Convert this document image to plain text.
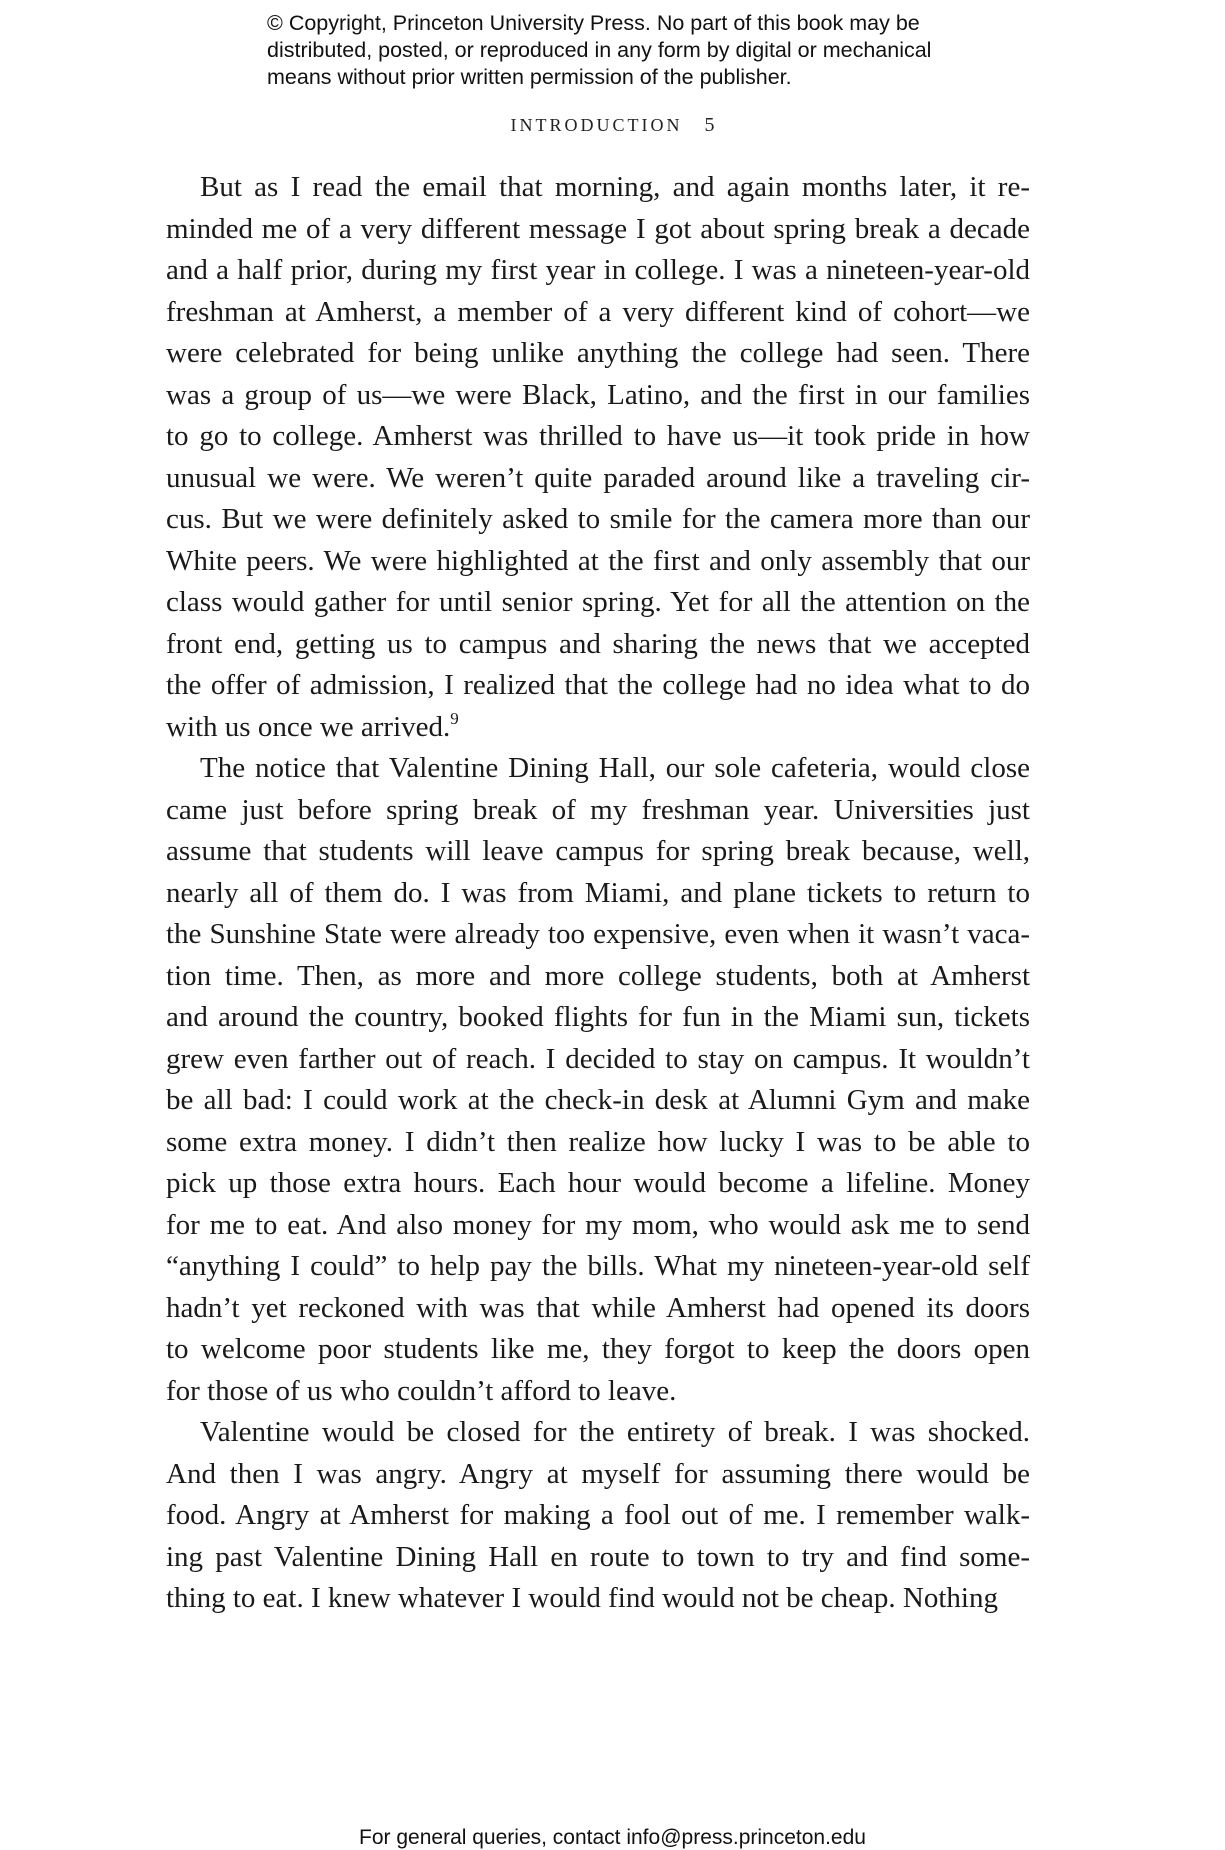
© Copyright, Princeton University Press. No part of this book may be
distributed, posted, or reproduced in any form by digital or mechanical
means without prior written permission of the publisher.
INTRODUCTION 5
But as I read the email that morning, and again months later, it re-
minded me of a very different message I got about spring break a decade
and a half prior, during my first year in college. I was a nineteen-year-old
freshman at Amherst, a member of a very different kind of cohort—we
were celebrated for being unlike anything the college had seen. There
was a group of us—we were Black, Latino, and the first in our families
to go to college. Amherst was thrilled to have us—it took pride in how
unusual we were. We weren’t quite paraded around like a traveling cir-
cus. But we were definitely asked to smile for the camera more than our
White peers. We were highlighted at the first and only assembly that our
class would gather for until senior spring. Yet for all the attention on the
front end, getting us to campus and sharing the news that we accepted
the offer of admission, I realized that the college had no idea what to do
with us once we arrived.$^9$
The notice that Valentine Dining Hall, our sole cafeteria, would close
came just before spring break of my freshman year. Universities just
assume that students will leave campus for spring break because, well,
nearly all of them do. I was from Miami, and plane tickets to return to
the Sunshine State were already too expensive, even when it wasn’t vaca-
tion time. Then, as more and more college students, both at Amherst
and around the country, booked flights for fun in the Miami sun, tickets
grew even farther out of reach. I decided to stay on campus. It wouldn’t
be all bad: I could work at the check-in desk at Alumni Gym and make
some extra money. I didn’t then realize how lucky I was to be able to
pick up those extra hours. Each hour would become a lifeline. Money
for me to eat. And also money for my mom, who would ask me to send
“anything I could” to help pay the bills. What my nineteen-year-old self
hadn’t yet reckoned with was that while Amherst had opened its doors
to welcome poor students like me, they forgot to keep the doors open
for those of us who couldn’t afford to leave.
Valentine would be closed for the entirety of break. I was shocked.
And then I was angry. Angry at myself for assuming there would be
food. Angry at Amherst for making a fool out of me. I remember walk-
ing past Valentine Dining Hall en route to town to try and find some-
thing to eat. I knew whatever I would find would not be cheap. Nothing
For general queries, contact info@press.princeton.edu
